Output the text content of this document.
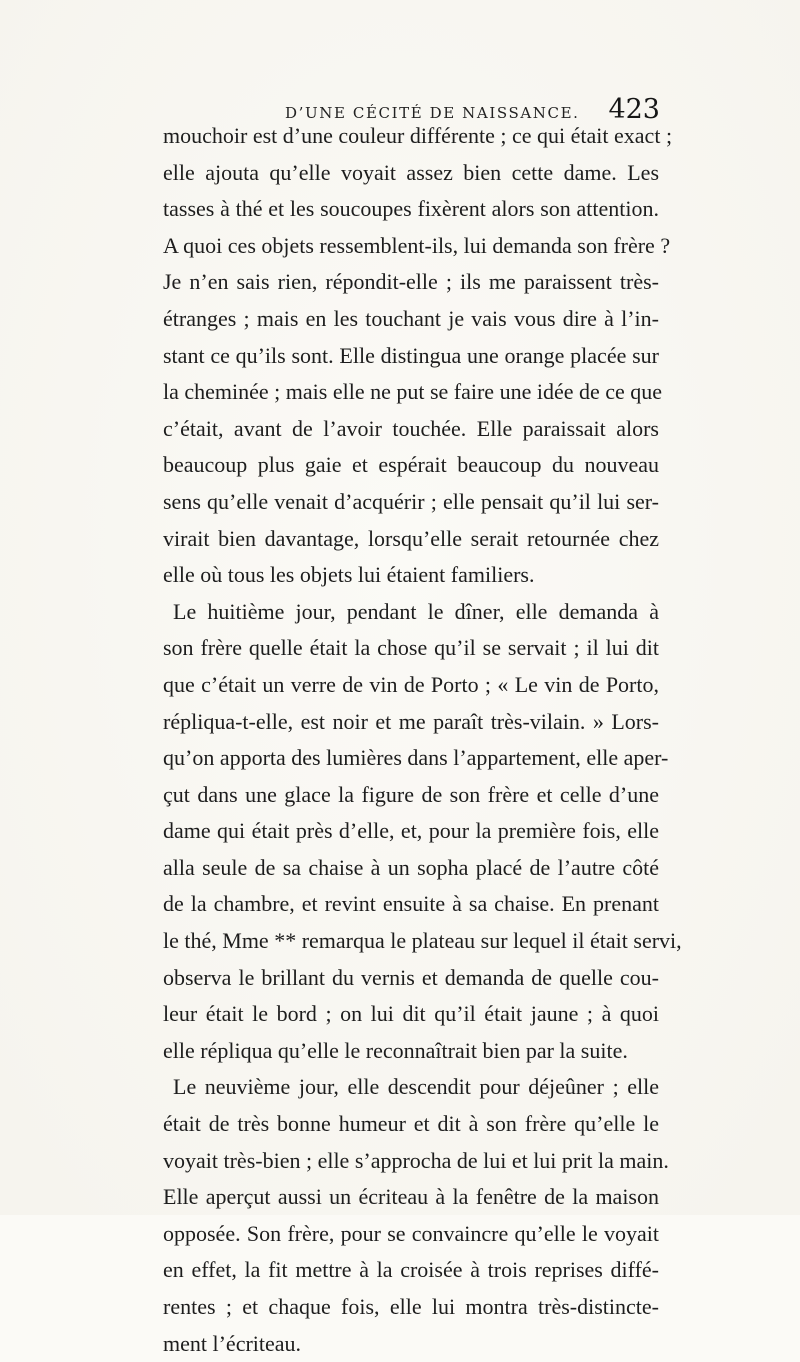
D’UNE CÉCITÉ DE NAISSANCE. 423
mouchoir est d’une couleur différente ; ce qui était exact ;
elle ajouta qu’elle voyait assez bien cette dame. Les
tasses à thé et les soucoupes fixèrent alors son attention.
A quoi ces objets ressemblent-ils, lui demanda son frère ?
Je n’en sais rien, répondit-elle ; ils me paraissent très-
étranges ; mais en les touchant je vais vous dire à l’in-
stant ce qu’ils sont. Elle distingua une orange placée sur
la cheminée ; mais elle ne put se faire une idée de ce que
c’était, avant de l’avoir touchée. Elle paraissait alors
beaucoup plus gaie et espérait beaucoup du nouveau
sens qu’elle venait d’acquérir ; elle pensait qu’il lui ser-
virait bien davantage, lorsqu’elle serait retournée chez
elle où tous les objets lui étaient familiers.
Le huitième jour, pendant le dîner, elle demanda à
son frère quelle était la chose qu’il se servait ; il lui dit
que c’était un verre de vin de Porto ; « Le vin de Porto,
répliqua-t-elle, est noir et me paraît très-vilain. » Lors-
qu’on apporta des lumières dans l’appartement, elle aper-
çut dans une glace la figure de son frère et celle d’une
dame qui était près d’elle, et, pour la première fois, elle
alla seule de sa chaise à un sopha placé de l’autre côté
de la chambre, et revint ensuite à sa chaise. En prenant
le thé, Mme ** remarqua le plateau sur lequel il était servi,
observa le brillant du vernis et demanda de quelle cou-
leur était le bord ; on lui dit qu’il était jaune ; à quoi
elle répliqua qu’elle le reconnaîtrait bien par la suite.
Le neuvième jour, elle descendit pour déjeûner ; elle
était de très bonne humeur et dit à son frère qu’elle le
voyait très-bien ; elle s’approcha de lui et lui prit la main.
Elle aperçut aussi un écriteau à la fenêtre de la maison
opposée. Son frère, pour se convaincre qu’elle le voyait
en effet, la fit mettre à la croisée à trois reprises diffé-
rentes ; et chaque fois, elle lui montra très-distincte-
ment l’écriteau.
